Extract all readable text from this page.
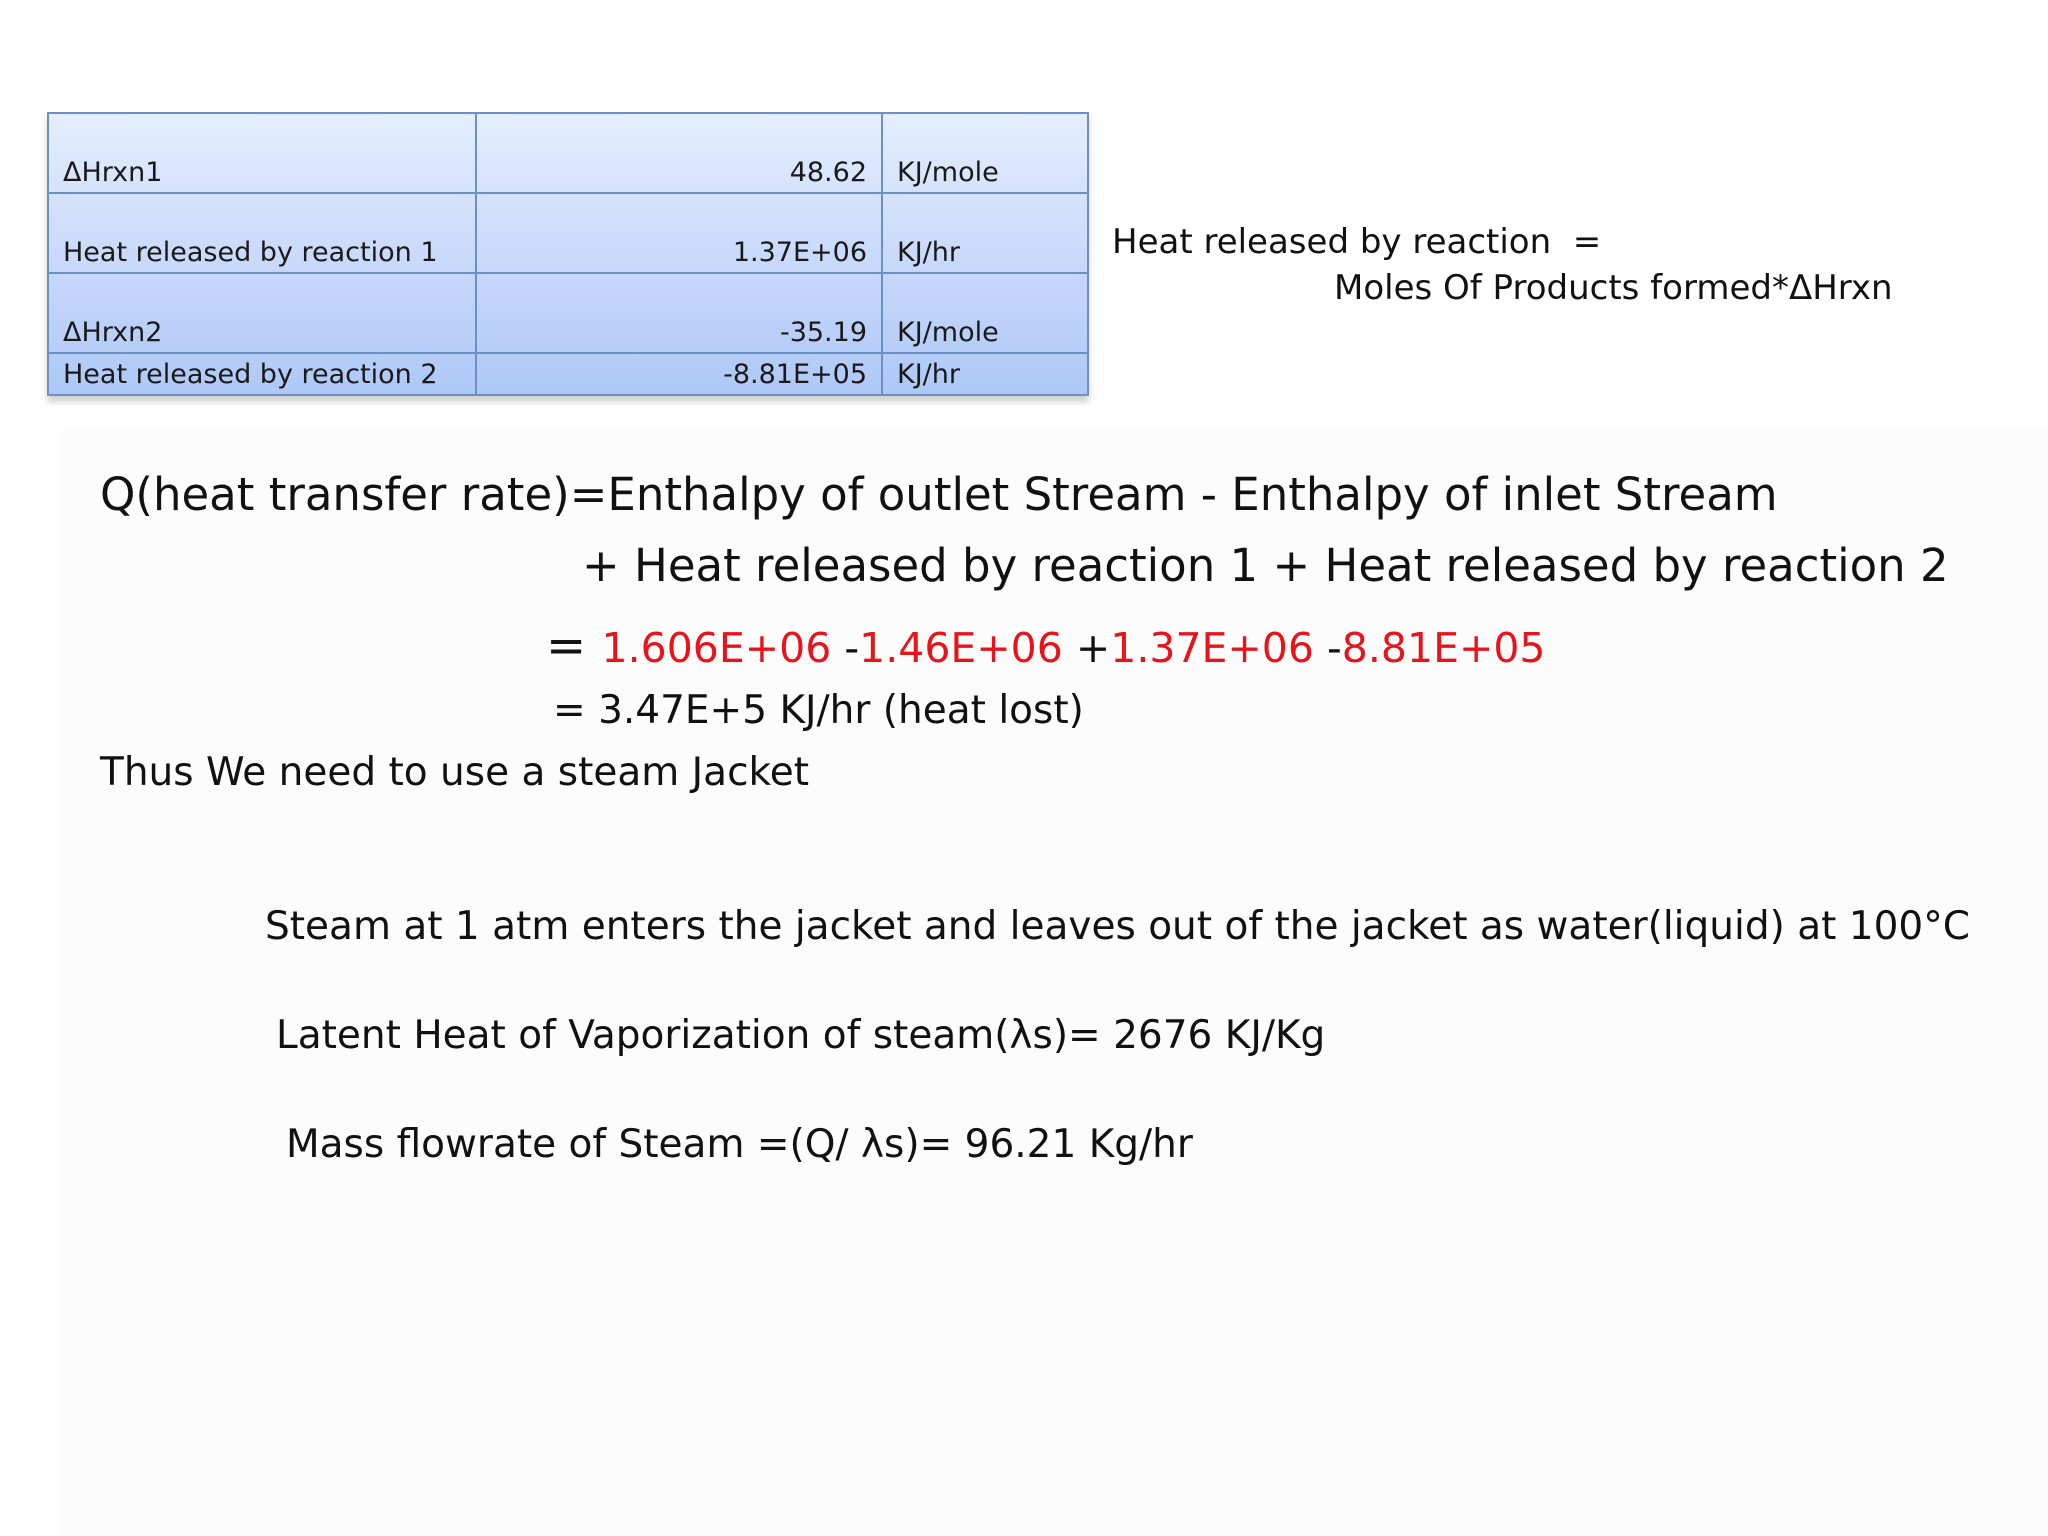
ΔHrxn1	48.62	KJ/mole
Heat released by reaction 1	1.37E+06	KJ/hr
ΔHrxn2	-35.19	KJ/mole
Heat released by reaction 2	-8.81E+05	KJ/hr
Heat released by reaction  =
Moles Of Products formed*ΔHrxn
Q(heat transfer rate)=Enthalpy of outlet Stream - Enthalpy of inlet Stream
+ Heat released by reaction 1 + Heat released by reaction 2
= 1.606E+06 -1.46E+06 +1.37E+06 -8.81E+05
= 3.47E+5 KJ/hr (heat lost)
Thus We need to use a steam Jacket
Steam at 1 atm enters the jacket and leaves out of the jacket as water(liquid) at 100°C
Latent Heat of Vaporization of steam(λs)= 2676 KJ/Kg
Mass flowrate of Steam =(Q/ λs)= 96.21 Kg/hr
